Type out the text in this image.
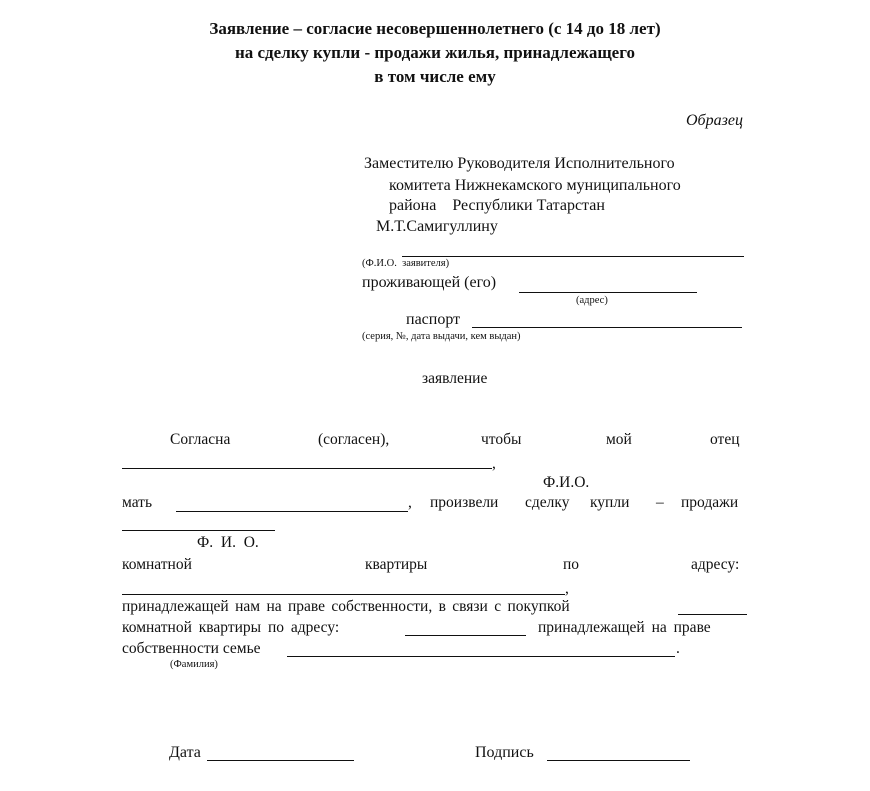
Заявление – согласие несовершеннолетнего (с 14 до 18 лет)
на сделку купли - продажи жилья, принадлежащего
в том числе ему
Образец
Заместителю Руководителя Исполнительного
комитета Нижнекамского муниципального
района    Республики Татарстан
М.Т.Самигуллину
(Ф.И.О.  заявителя)
проживающей (его)
(адрес)
паспорт
(серия, №, дата выдачи, кем выдан)
заявление
Согласна	(согласен),	чтобы	мой	отец
,
Ф.И.О.
мать	, произвели сделку купли – продажи
Ф.  И.  О.
комнатной	квартиры	по	адресу:
,
принадлежащей нам на праве собственности, в связи с покупкой
комнатной квартиры по адресу:	принадлежащей на праве
собственности семье	.
(Фамилия)
Дата	Подпись
